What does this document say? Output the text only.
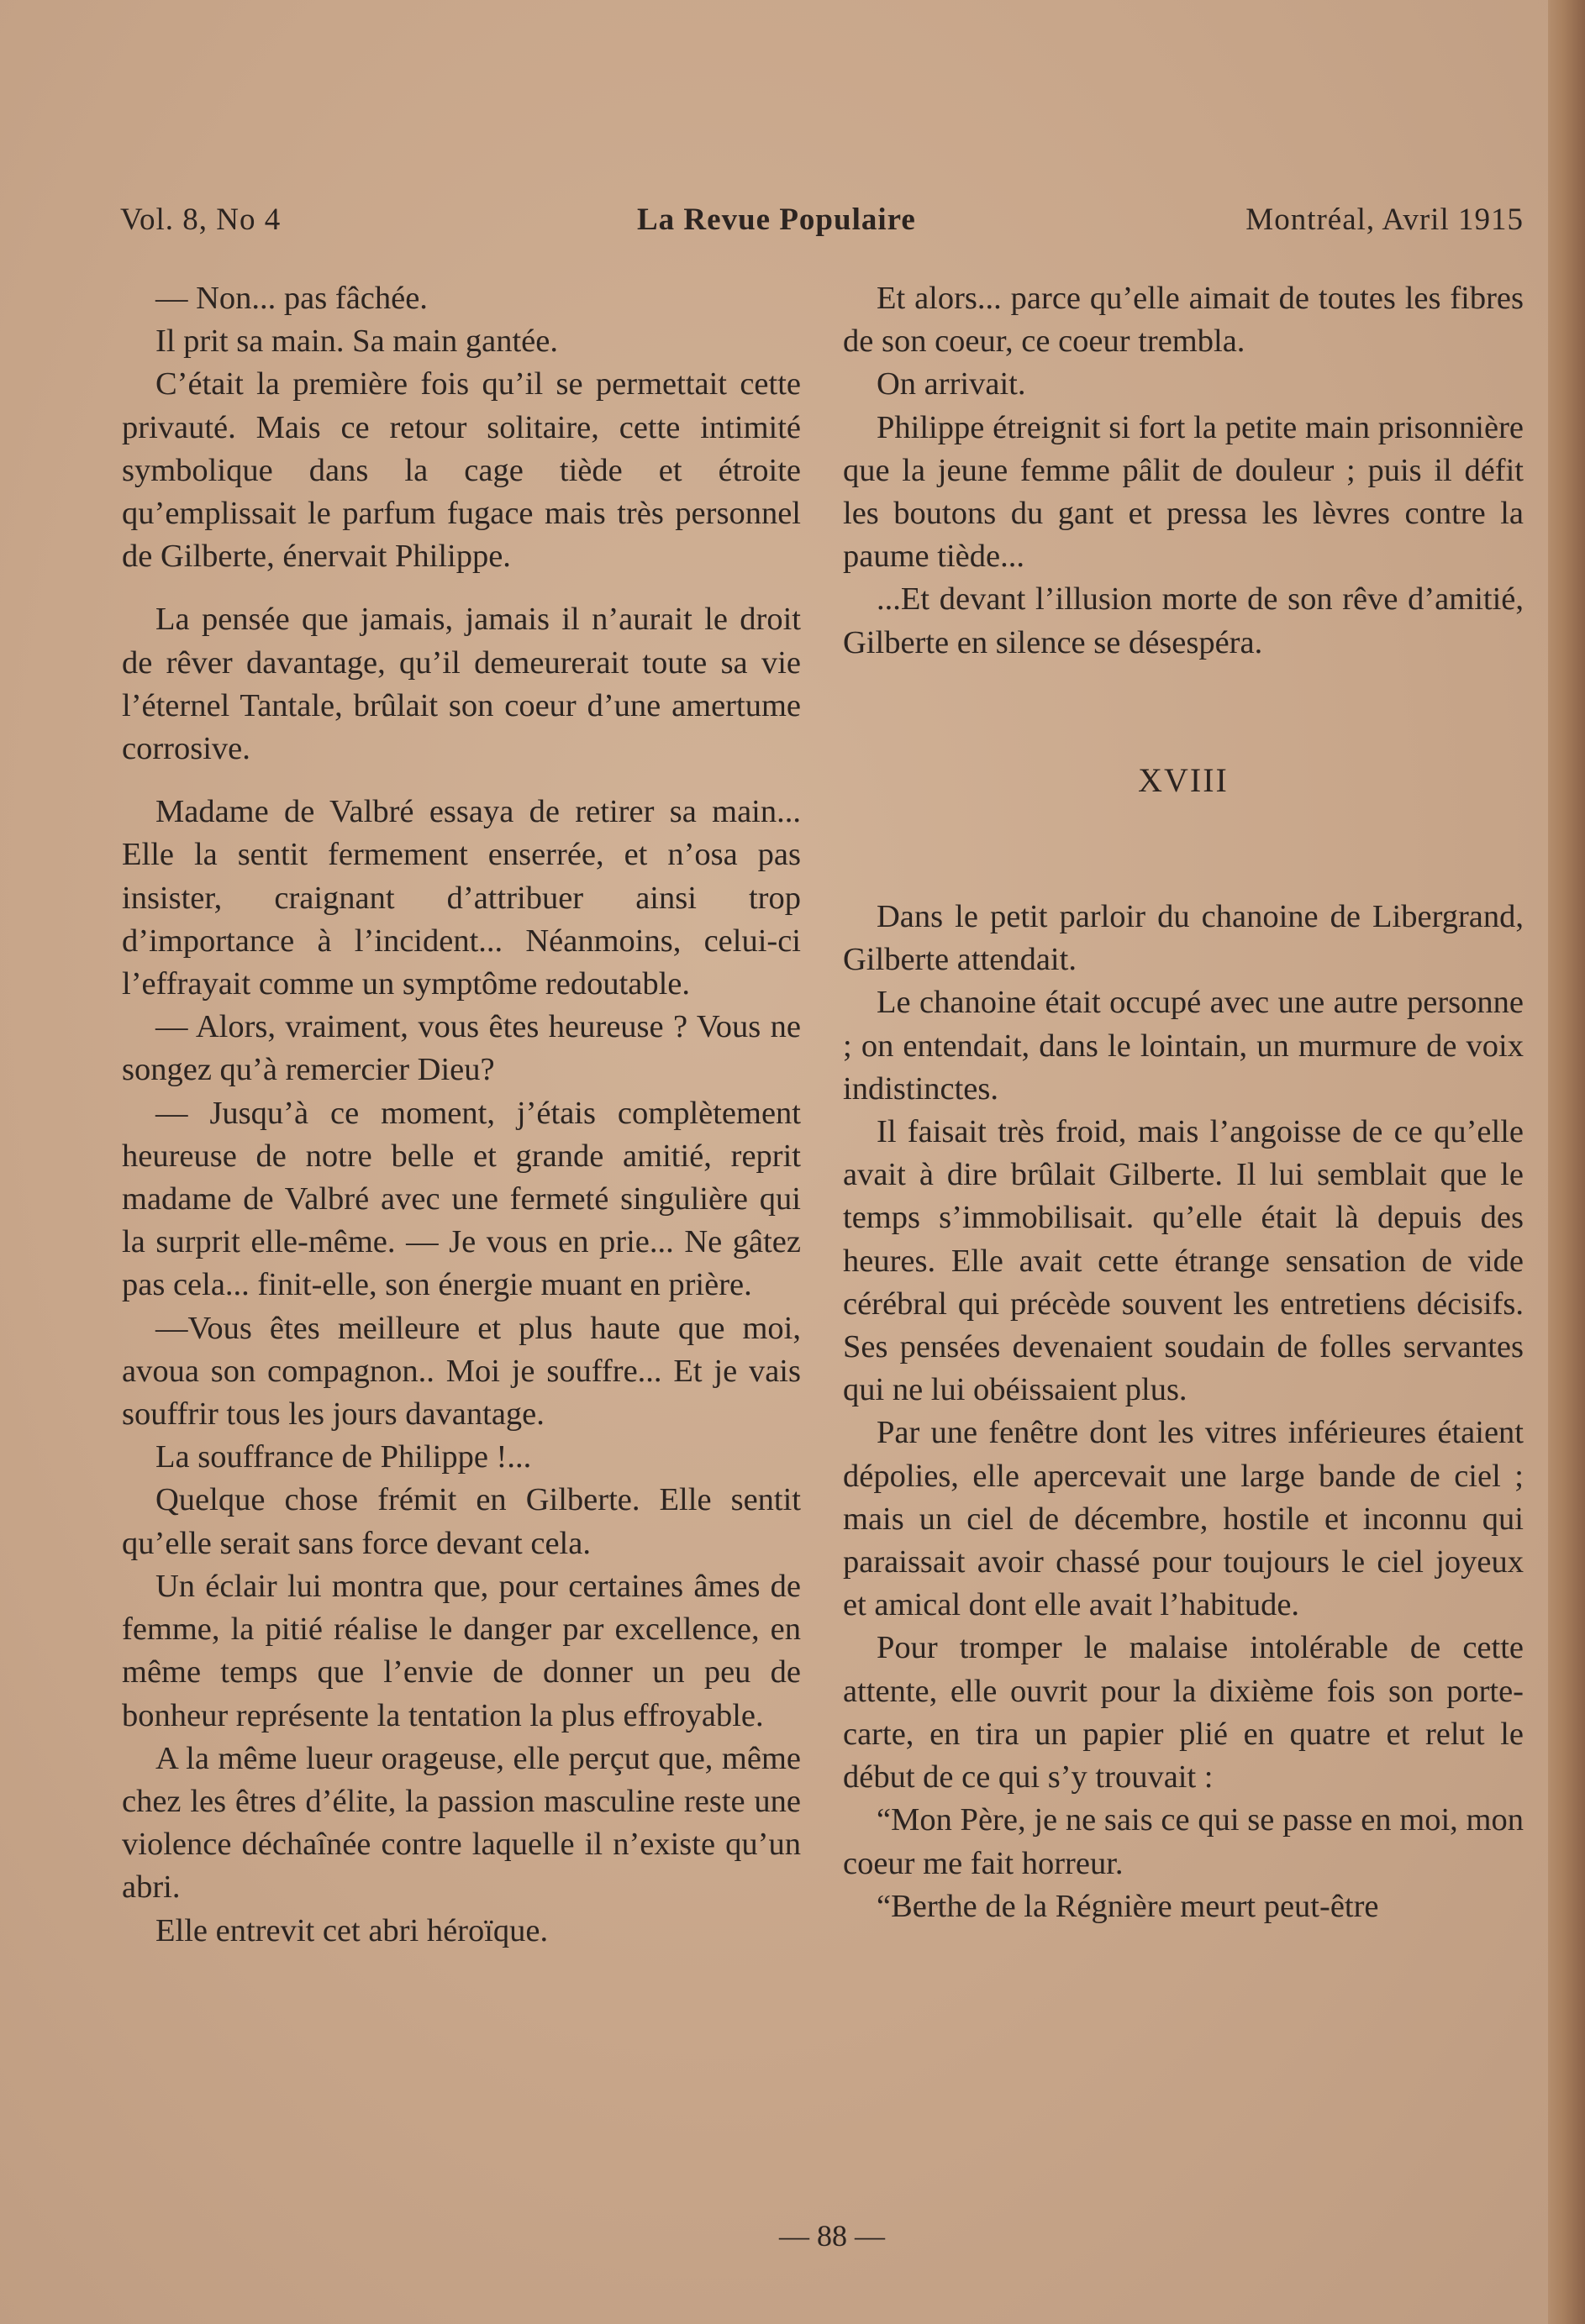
Vol. 8, No 4	La Revue Populaire	Montréal, Avril 1915

— Non... pas fâchée.

Il prit sa main. Sa main gantée.

C’était la première fois qu’il se permettait cette privauté. Mais ce retour solitaire, cette intimité symbolique dans la cage tiède et étroite qu’emplissait le parfum fugace mais très personnel de Gilberte, énervait Philippe.

La pensée que jamais, jamais il n’aurait le droit de rêver davantage, qu’il demeurerait toute sa vie l’éternel Tantale, brûlait son coeur d’une amertume corrosive.

Madame de Valbré essaya de retirer sa main... Elle la sentit fermement enserrée, et n’osa pas insister, craignant d’attribuer ainsi trop d’importance à l’incident... Néanmoins, celui-ci l’effrayait comme un symptôme redoutable.

— Alors, vraiment, vous êtes heureuse ? Vous ne songez qu’à remercier Dieu?

— Jusqu’à ce moment, j’étais complètement heureuse de notre belle et grande amitié, reprit madame de Valbré avec une fermeté singulière qui la surprit elle-même. — Je vous en prie... Ne gâtez pas cela... finit-elle, son énergie muant en prière.

—Vous êtes meilleure et plus haute que moi, avoua son compagnon.. Moi je souffre... Et je vais souffrir tous les jours davantage.

La souffrance de Philippe !...

Quelque chose frémit en Gilberte. Elle sentit qu’elle serait sans force devant cela.

Un éclair lui montra que, pour certaines âmes de femme, la pitié réalise le danger par excellence, en même temps que l’envie de donner un peu de bonheur représente la tentation la plus effroyable.

A la même lueur orageuse, elle perçut que, même chez les êtres d’élite, la passion masculine reste une violence déchaînée contre laquelle il n’existe qu’un abri.

Elle entrevit cet abri héroïque.

Et alors... parce qu’elle aimait de toutes les fibres de son coeur, ce coeur trembla.

On arrivait.

Philippe étreignit si fort la petite main prisonnière que la jeune femme pâlit de douleur ; puis il défit les boutons du gant et pressa les lèvres contre la paume tiède...

...Et devant l’illusion morte de son rêve d’amitié, Gilberte en silence se désespéra.

XVIII

Dans le petit parloir du chanoine de Libergrand, Gilberte attendait.

Le chanoine était occupé avec une autre personne ; on entendait, dans le lointain, un murmure de voix indistinctes.

Il faisait très froid, mais l’angoisse de ce qu’elle avait à dire brûlait Gilberte. Il lui semblait que le temps s’immobilisait. qu’elle était là depuis des heures. Elle avait cette étrange sensation de vide cérébral qui précède souvent les entretiens décisifs. Ses pensées devenaient soudain de folles servantes qui ne lui obéissaient plus.

Par une fenêtre dont les vitres inférieures étaient dépolies, elle apercevait une large bande de ciel ; mais un ciel de décembre, hostile et inconnu qui paraissait avoir chassé pour toujours le ciel joyeux et amical dont elle avait l’habitude.

Pour tromper le malaise intolérable de cette attente, elle ouvrit pour la dixième fois son porte-carte, en tira un papier plié en quatre et relut le début de ce qui s’y trouvait :

“Mon Père, je ne sais ce qui se passe en moi, mon coeur me fait horreur.

“Berthe de la Régnière meurt peut-être

— 88 —
